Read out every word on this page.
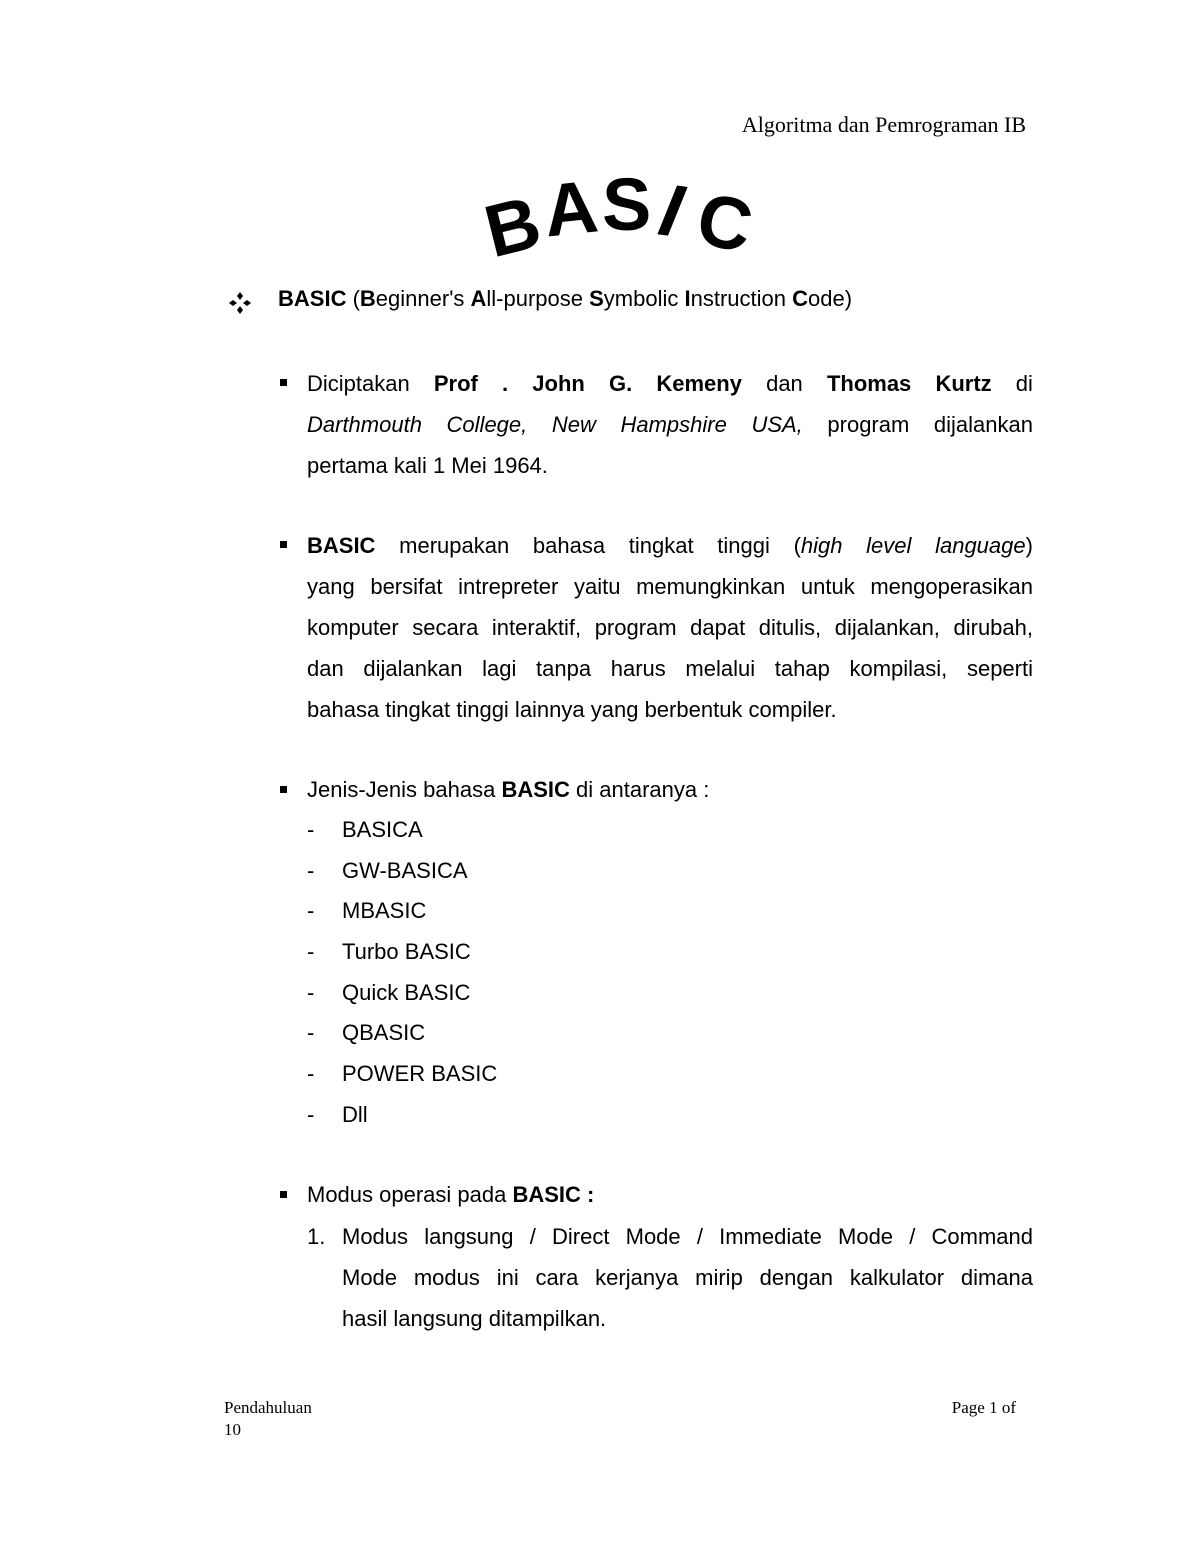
Algoritma dan Pemrograman IB
B
A S
I
C
BASIC (Beginner's All-purpose Symbolic Instruction Code)
Diciptakan Prof . John G. Kemeny dan Thomas Kurtz di
Darthmouth College, New Hampshire USA, program dijalankan
pertama kali 1 Mei 1964.
BASIC merupakan bahasa tingkat tinggi (high level language)
yang bersifat intrepreter yaitu memungkinkan untuk mengoperasikan
komputer secara interaktif, program dapat ditulis, dijalankan, dirubah,
dan dijalankan lagi tanpa harus melalui tahap kompilasi, seperti
bahasa tingkat tinggi lainnya yang berbentuk compiler.
Jenis-Jenis bahasa BASIC di antaranya :
-	BASICA
-	GW-BASICA
-	MBASIC
-	Turbo BASIC
-	Quick BASIC
-	QBASIC
-	POWER BASIC
-	Dll
Modus operasi pada BASIC :
1. Modus langsung / Direct Mode / Immediate Mode / Command
Mode modus ini cara kerjanya mirip dengan kalkulator dimana
hasil langsung ditampilkan.
Pendahuluan
10
Page 1 of
